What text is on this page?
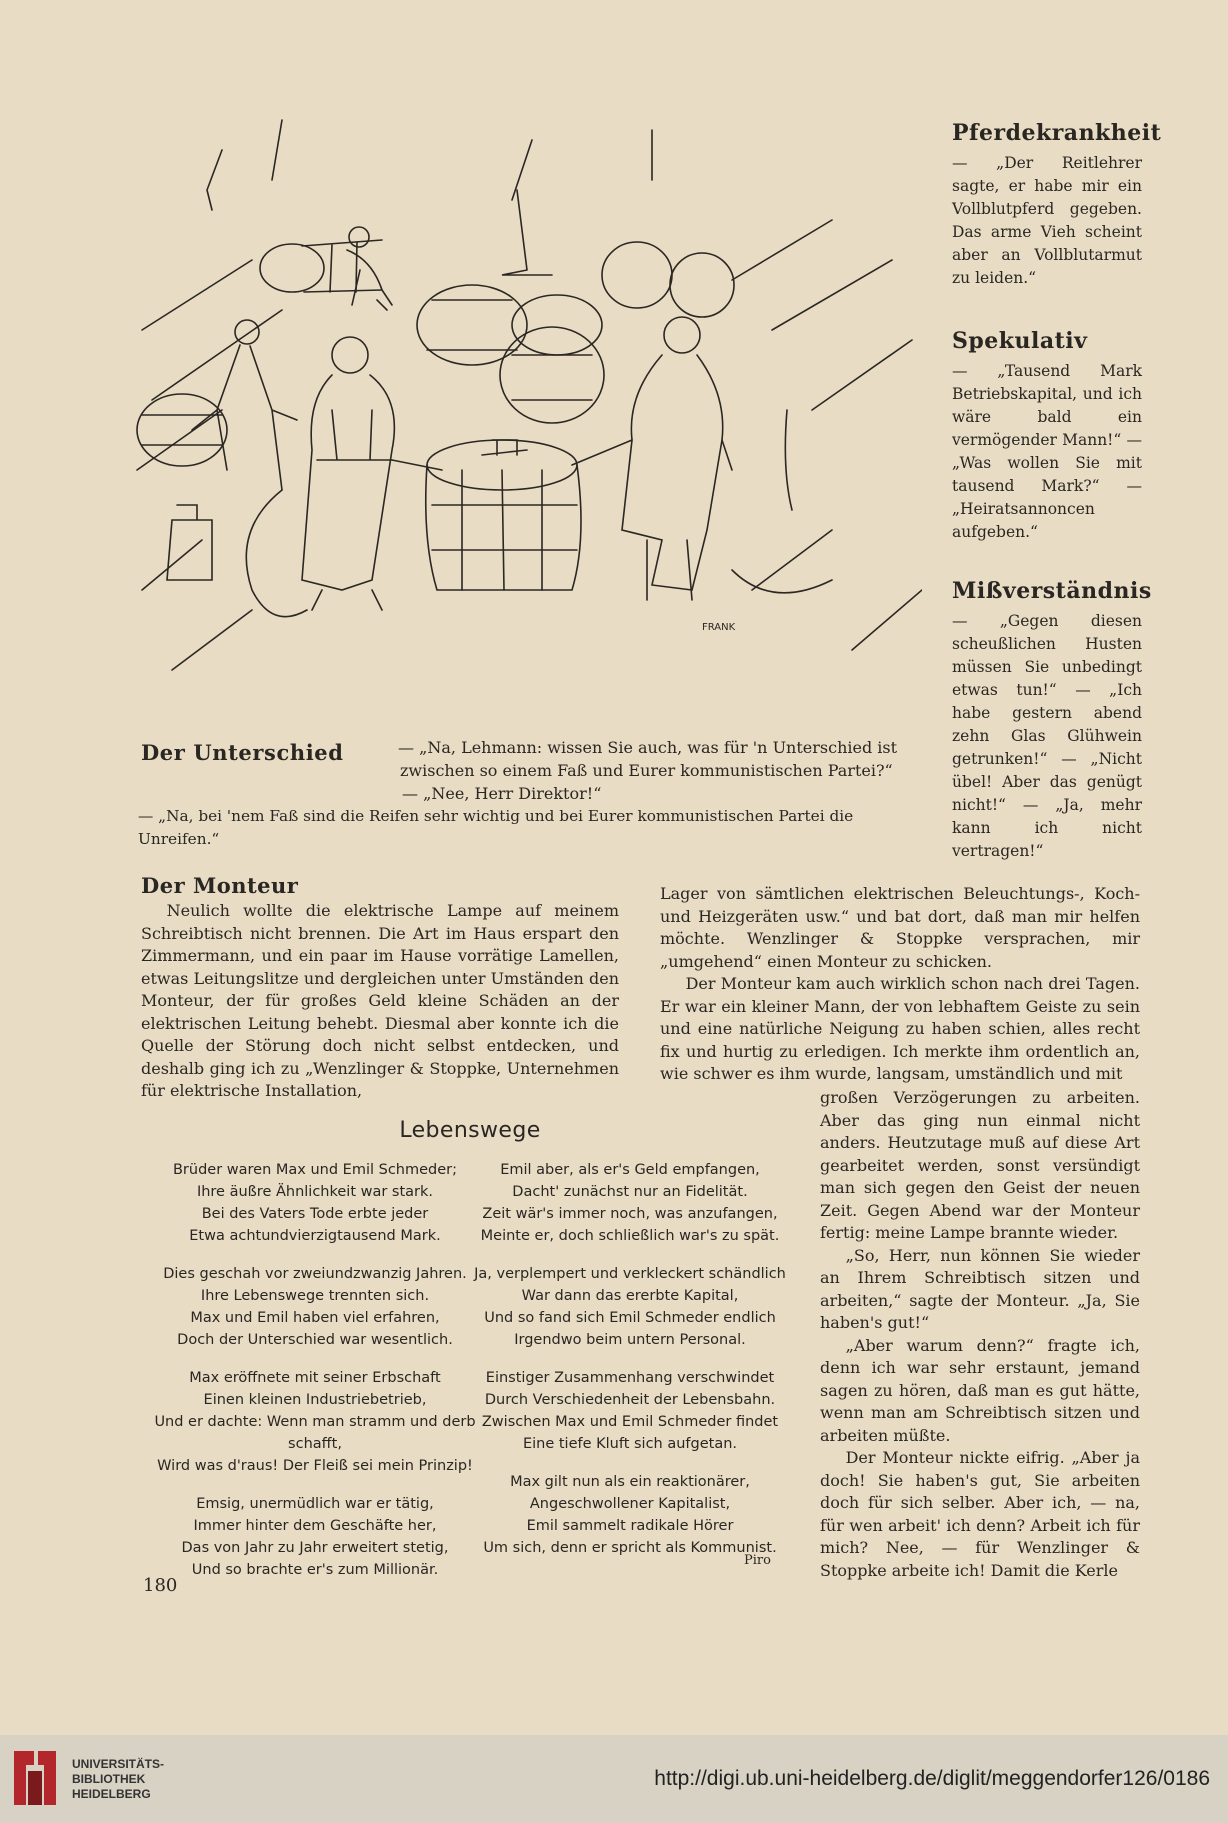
FRANK
Pferdekrankheit

— „Der Reitlehrer sagte, er habe mir ein Vollblutpferd gegeben. Das arme Vieh scheint aber an Vollblutarmut zu leiden.“

Spekulativ

— „Tausend Mark Betriebskapital, und ich wäre bald ein vermögender Mann!“ — „Was wollen Sie mit tausend Mark?“ — „Heiratsannoncen aufgeben.“

Mißverständnis

— „Gegen diesen scheußlichen Husten müssen Sie unbedingt etwas tun!“ — „Ich habe gestern abend zehn Glas Glühwein getrunken!“ — „Nicht übel! Aber das genügt nicht!“ — „Ja, mehr kann ich nicht vertragen!“

Der Unterschied	— „Na, Lehmann: wissen Sie auch, was für 'n Unterschied ist
zwischen so einem Faß und Eurer kommunistischen Partei?“
— „Nee, Herr Direktor!“
— „Na, bei 'nem Faß sind die Reifen sehr wichtig und bei Eurer kommunistischen Partei die Unreifen.“
Der Monteur

Neulich wollte die elektrische Lampe auf meinem Schreibtisch nicht brennen. Die Art im Haus erspart den Zimmermann, und ein paar im Hause vorrätige Lamellen, etwas Leitungslitze und dergleichen unter Umständen den Monteur, der für großes Geld kleine Schäden an der elektrischen Leitung behebt. Diesmal aber konnte ich die Quelle der Störung doch nicht selbst entdecken, und deshalb ging ich zu „Wenzlinger & Stoppke, Unternehmen für elektrische Installation,

Lager von sämtlichen elektrischen Beleuchtungs-, Koch- und Heizgeräten usw.“ und bat dort, daß man mir helfen möchte. Wenzlinger & Stoppke versprachen, mir „umgehend“ einen Monteur zu schicken.

Der Monteur kam auch wirklich schon nach drei Tagen. Er war ein kleiner Mann, der von lebhaftem Geiste zu sein und eine natürliche Neigung zu haben schien, alles recht fix und hurtig zu erledigen. Ich merkte ihm ordentlich an, wie schwer es ihm wurde, langsam, umständlich und mit

großen Verzögerungen zu arbeiten. Aber das ging nun einmal nicht anders. Heutzutage muß auf diese Art gearbeitet werden, sonst versündigt man sich gegen den Geist der neuen Zeit. Gegen Abend war der Monteur fertig: meine Lampe brannte wieder.

„So, Herr, nun können Sie wieder an Ihrem Schreibtisch sitzen und arbeiten,“ sagte der Monteur. „Ja, Sie haben's gut!“

„Aber warum denn?“ fragte ich, denn ich war sehr erstaunt, jemand sagen zu hören, daß man es gut hätte, wenn man am Schreibtisch sitzen und arbeiten müßte.

Der Monteur nickte eifrig. „Aber ja doch! Sie haben's gut, Sie arbeiten doch für sich selber. Aber ich, — na, für wen arbeit' ich denn? Arbeit ich für mich? Nee, — für Wenzlinger & Stoppke arbeite ich! Damit die Kerle

Lebenswege
Brüder waren Max und Emil Schmeder;
Ihre äußre Ähnlichkeit war stark.
Bei des Vaters Tode erbte jeder
Etwa achtundvierzigtausend Mark.
Dies geschah vor zweiundzwanzig Jahren.
Ihre Lebenswege trennten sich.
Max und Emil haben viel erfahren,
Doch der Unterschied war wesentlich.
Max eröffnete mit seiner Erbschaft
Einen kleinen Industriebetrieb,
Und er dachte: Wenn man stramm und derb schafft,
Wird was d'raus! Der Fleiß sei mein Prinzip!
Emsig, unermüdlich war er tätig,
Immer hinter dem Geschäfte her,
Das von Jahr zu Jahr erweitert stetig,
Und so brachte er's zum Millionär.
Emil aber, als er's Geld empfangen,
Dacht' zunächst nur an Fidelität.
Zeit wär's immer noch, was anzufangen,
Meinte er, doch schließlich war's zu spät.
Ja, verplempert und verkleckert schändlich
War dann das ererbte Kapital,
Und so fand sich Emil Schmeder endlich
Irgendwo beim untern Personal.
Einstiger Zusammenhang verschwindet
Durch Verschiedenheit der Lebensbahn.
Zwischen Max und Emil Schmeder findet
Eine tiefe Kluft sich aufgetan.
Max gilt nun als ein reaktionärer,
Angeschwollener Kapitalist,
Emil sammelt radikale Hörer
Um sich, denn er spricht als Kommunist.
Piro
180
UNIVERSITÄTS-
BIBLIOTHEK
HEIDELBERG
http://digi.ub.uni-heidelberg.de/diglit/meggendorfer126/0186
